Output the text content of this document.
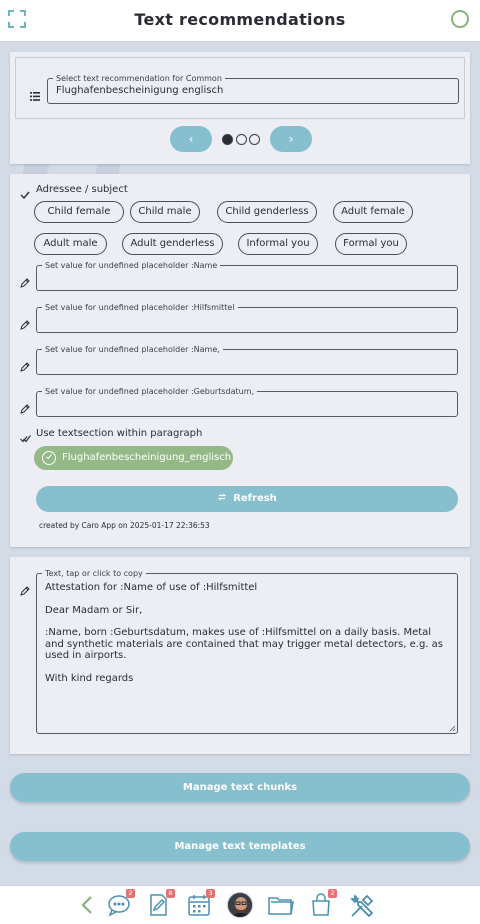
Text recommendations
Select text recommendation for Common
Flughafenbescheinigung englisch
‹	›
Adressee / subject
Child female	Child male	Child genderless	Adult female
Adult male	Adult genderless	Informal you	Formal you
Set value for undefined placeholder :Name
Set value for undefined placeholder :Hilfsmittel
Set value for undefined placeholder :Name,
Set value for undefined placeholder :Geburtsdatum,
Use textsection within paragraph
Flughafenbescheinigung_englisch
Refresh
created by Caro App on 2025-01-17 22:36:53
Text, tap or click to copy

Attestation for :Name of use of :Hilfsmittel

Dear Madam or Sir,

:Name, born :Geburtsdatum, makes use of :Hilfsmittel on a daily basis. Metal and synthetic materials are contained that may trigger metal detectors, e.g. as used in airports.

With kind regards

Manage text chunks
Manage text templates
2	8	3	2
